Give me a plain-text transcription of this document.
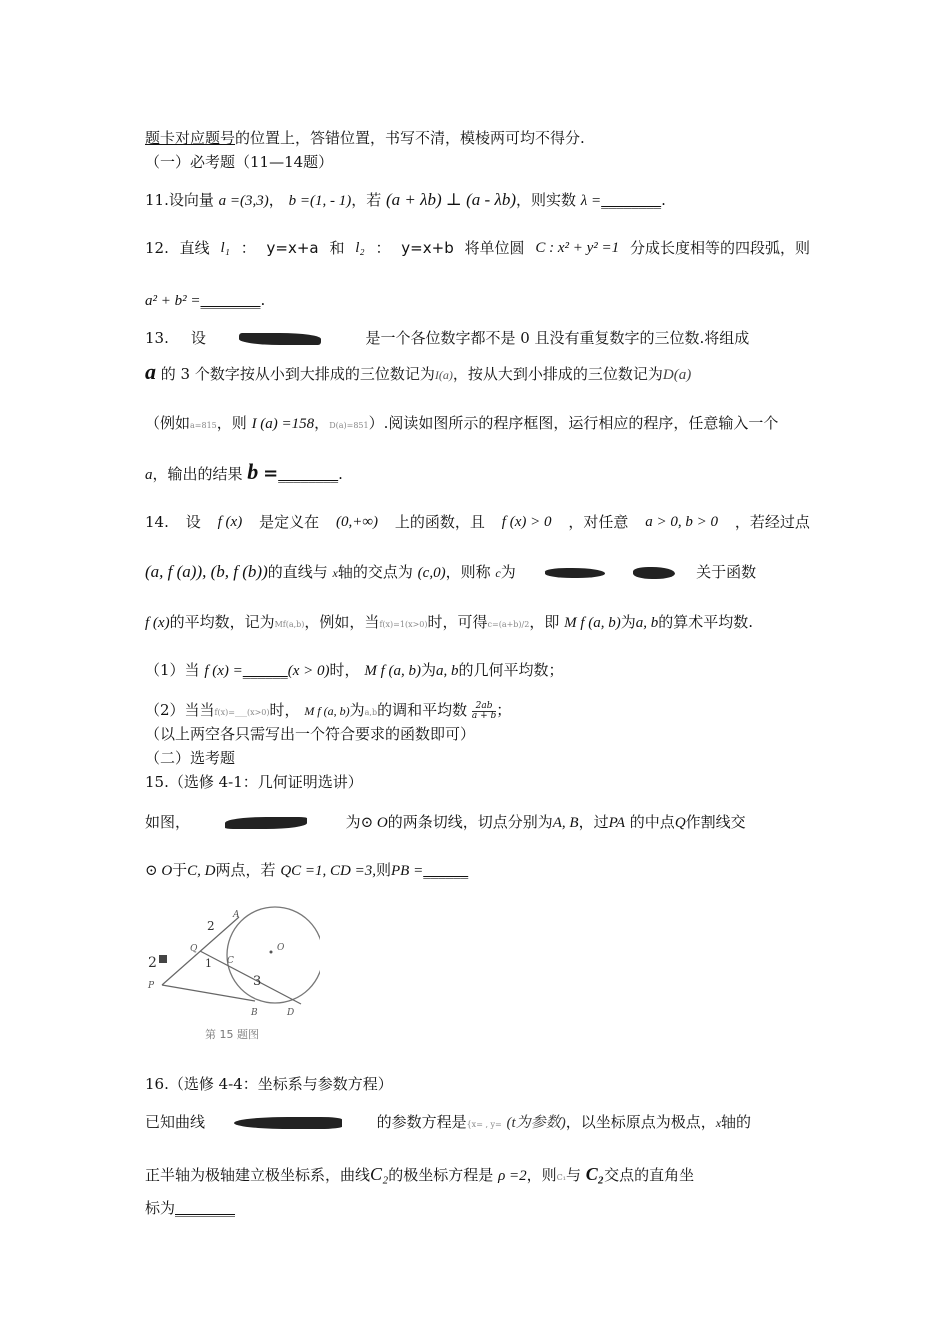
题卡对应题号的位置上，答错位置，书写不清，模棱两可均不得分.
（一）必考题（11—14题）
11.设向量 a =(3,3)， b =(1, - 1)，若 (a + λb) ⊥ (a - λb)，则实数 λ =________.
12. 直线 l₁ ： y=x+a 和 l₂ ： y=x+b 将单位圆 C : x² + y² =1 分成长度相等的四段弧，则
a² + b² =________.
13. 设	是一个各位数字都不是 0 且没有重复数字的三位数.将组成
a 的 3 个数字按从小到大排成的三位数记为I(a)，按从大到小排成的三位数记为D(a)
（例如a=815，则 I (a) =158，D(a)=851）.阅读如图所示的程序框图，运行相应的程序，任意输入一个
a，输出的结果 b =________.
14. 设 f (x) 是定义在 (0,+∞) 上的函数，且 f (x) > 0 ，对任意 a > 0, b > 0 ，若经过点
(a, f (a)), (b, f (b))的直线与 x轴的交点为 (c,0)，则称 c为	关于函数
f (x)的平均数，记为Mf(a,b)，例如，当f(x)=1(x>0)时，可得c=(a+b)/2，即 M f (a, b)为a, b的算术平均数.
（1）当 f (x) =______(x > 0)时， M f (a, b)为a, b的几何平均数；
（2）当当f(x)=___(x>0)时， M f (a, b)为a,b的调和平均数 $\frac{2ab}{a + b}$ ；
（以上两空各只需写出一个符合要求的函数即可）
（二）选考题
15.（选修 4-1：几何证明选讲）
如图，	为⊙ O的两条切线，切点分别为A, B，过PA 的中点Q作割线交
⊙ O于C, D两点，若 QC =1, CD =3,则PB =______
A
B
C
D
O
P
Q
2
2	1
3
第 15 题图
16.（选修 4-4：坐标系与参数方程）
已知曲线	的参数方程是{x= , y= (t为参数)，以坐标原点为极点，x轴的
正半轴为极轴建立极坐标系，曲线C₂的极坐标方程是 ρ =2，则C₁与 C₂交点的直角坐
标为________
